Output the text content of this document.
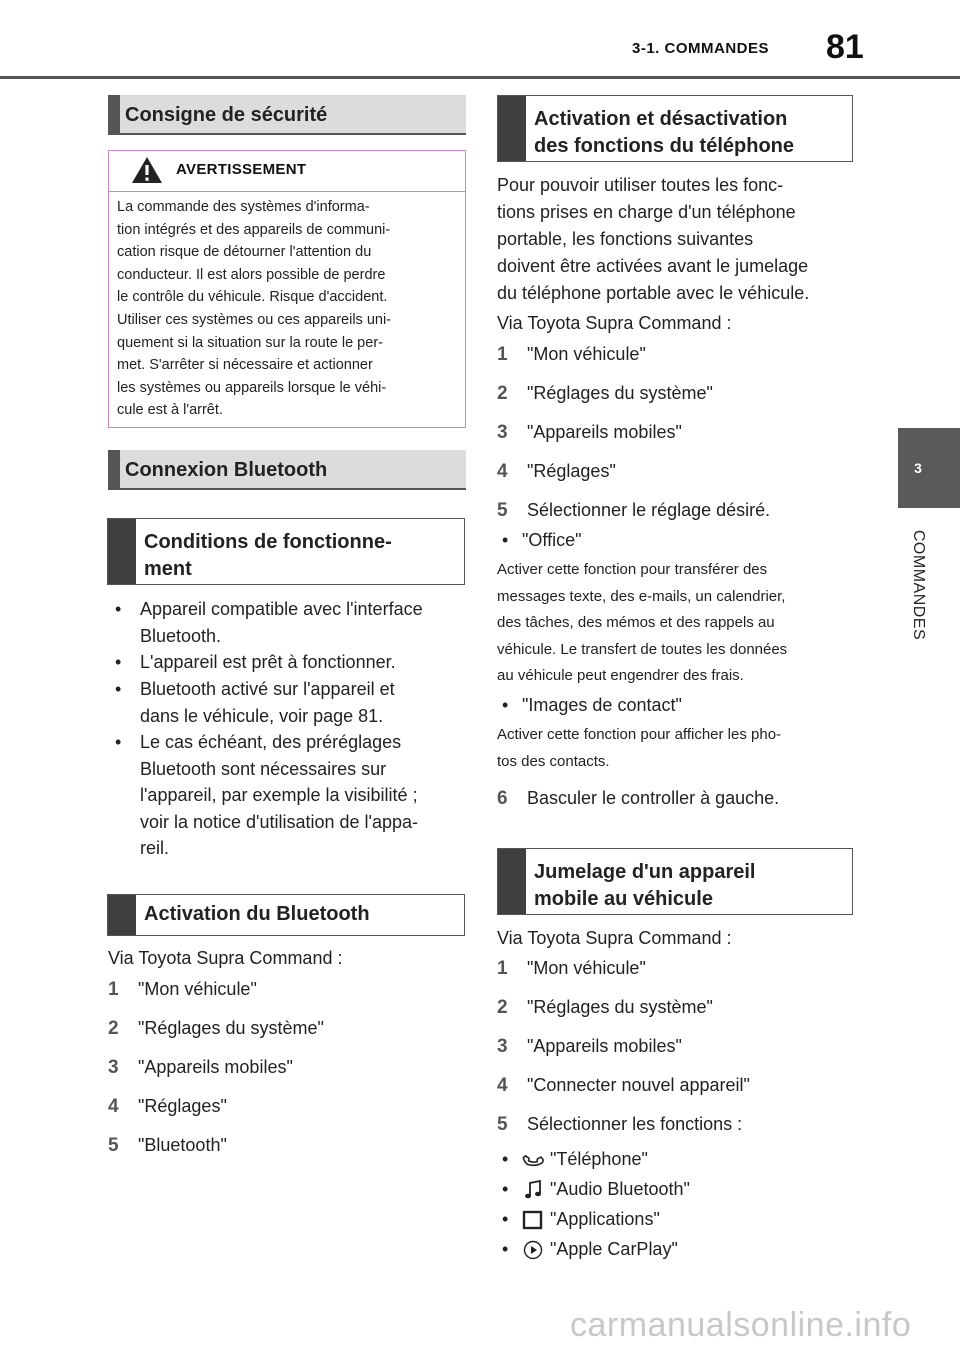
3-1. COMMANDES 81
3
COMMANDES
Consigne de sécurité
AVERTISSEMENT
La commande des systèmes d'informa-
tion intégrés et des appareils de communi-
cation risque de détourner l'attention du
conducteur. Il est alors possible de perdre
le contrôle du véhicule. Risque d'accident.
Utiliser ces systèmes ou ces appareils uni-
quement si la situation sur la route le per-
met. S'arrêter si nécessaire et actionner
les systèmes ou appareils lorsque le véhi-
cule est à l'arrêt.
Connexion Bluetooth
Conditions de fonctionne-
ment
• Appareil compatible avec l'interface
Bluetooth.
• L'appareil est prêt à fonctionner.
• Bluetooth activé sur l'appareil et
dans le véhicule, voir page 81.
• Le cas échéant, des préréglages
Bluetooth sont nécessaires sur
l'appareil, par exemple la visibilité ;
voir la notice d'utilisation de l'appa-
reil.
Activation du Bluetooth
Via Toyota Supra Command :
1 "Mon véhicule"
2 "Réglages du système"
3 "Appareils mobiles"
4 "Réglages"
5 "Bluetooth"
Activation et désactivation
des fonctions du téléphone
Pour pouvoir utiliser toutes les fonc-
tions prises en charge d'un téléphone
portable, les fonctions suivantes
doivent être activées avant le jumelage
du téléphone portable avec le véhicule.
Via Toyota Supra Command :
1 "Mon véhicule"
2 "Réglages du système"
3 "Appareils mobiles"
4 "Réglages"
5 Sélectionner le réglage désiré.
• "Office"
Activer cette fonction pour transférer des
messages texte, des e-mails, un calendrier,
des tâches, des mémos et des rappels au
véhicule. Le transfert de toutes les données
au véhicule peut engendrer des frais.
• "Images de contact"
Activer cette fonction pour afficher les pho-
tos des contacts.
6 Basculer le controller à gauche.
Jumelage d'un appareil
mobile au véhicule
Via Toyota Supra Command :
1 "Mon véhicule"
2 "Réglages du système"
3 "Appareils mobiles"
4 "Connecter nouvel appareil"
5 Sélectionner les fonctions :
• "Téléphone"
• "Audio Bluetooth"
• "Applications"
• "Apple CarPlay"
carmanualsonline.info
